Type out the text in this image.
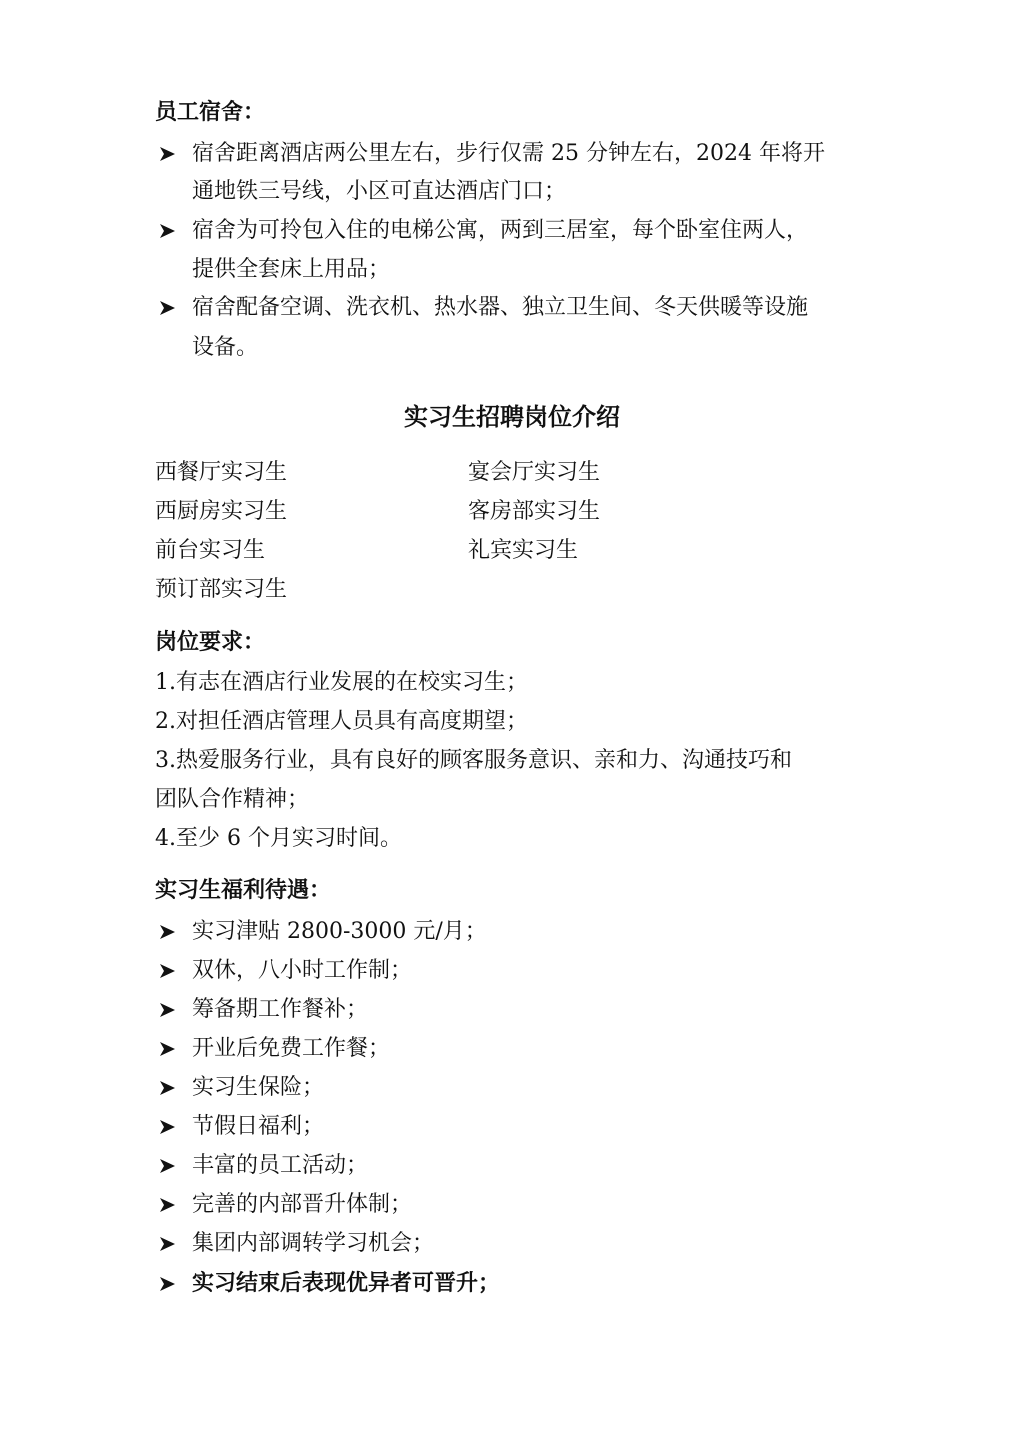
员工宿舍：
宿舍距离酒店两公里左右，步行仅需 25 分钟左右，2024 年将开
通地铁三号线，小区可直达酒店门口；
宿舍为可拎包入住的电梯公寓，两到三居室，每个卧室住两人，
提供全套床上用品；
宿舍配备空调、洗衣机、热水器、独立卫生间、冬天供暖等设施
设备。
实习生招聘岗位介绍
西餐厅实习生
西厨房实习生
前台实习生
预订部实习生
宴会厅实习生
客房部实习生
礼宾实习生
岗位要求：
1.有志在酒店行业发展的在校实习生；
2.对担任酒店管理人员具有高度期望；
3.热爱服务行业，具有良好的顾客服务意识、亲和力、沟通技巧和
团队合作精神；
4.至少 6 个月实习时间。
实习生福利待遇：
实习津贴 2800-3000 元/月；
双休，八小时工作制；
筹备期工作餐补；
开业后免费工作餐；
实习生保险；
节假日福利；
丰富的员工活动；
完善的内部晋升体制；
集团内部调转学习机会；
实习结束后表现优异者可晋升；
